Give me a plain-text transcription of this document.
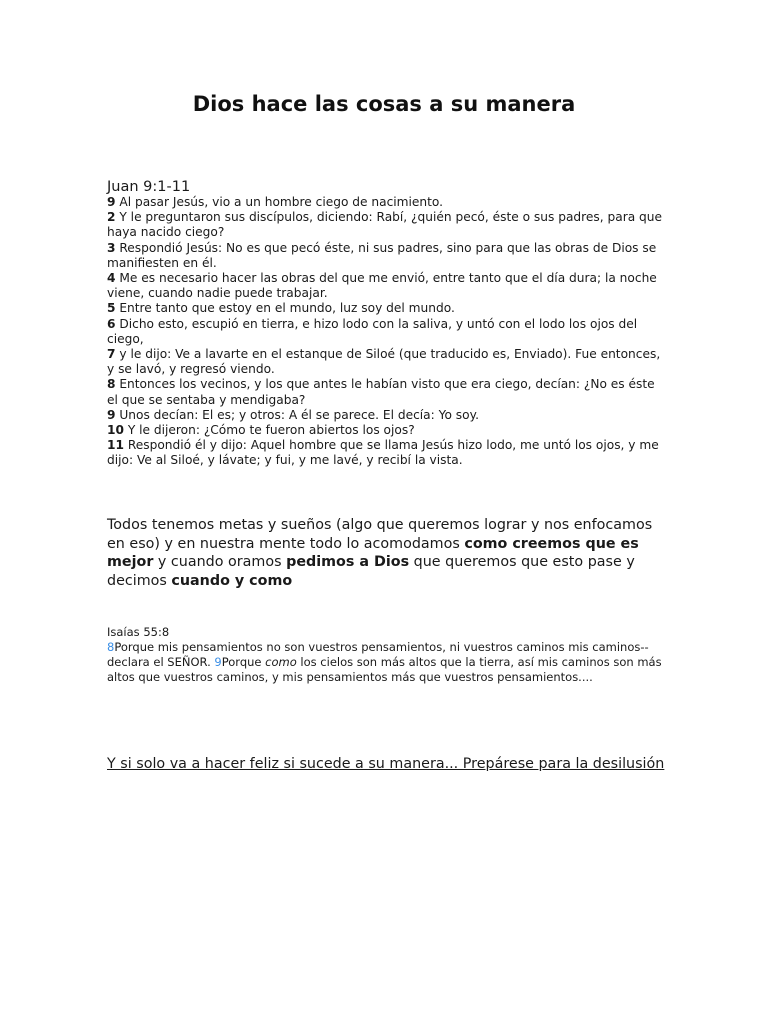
Dios hace las cosas a su manera

Juan 9:1-11

9 Al pasar Jesús, vio a un hombre ciego de nacimiento.

2 Y le preguntaron sus discípulos, diciendo: Rabí, ¿quién pecó, éste o sus padres, para que haya nacido ciego?

3 Respondió Jesús: No es que pecó éste, ni sus padres, sino para que las obras de Dios se manifiesten en él.

4 Me es necesario hacer las obras del que me envió, entre tanto que el día dura; la noche viene, cuando nadie puede trabajar.

5 Entre tanto que estoy en el mundo, luz soy del mundo.

6 Dicho esto, escupió en tierra, e hizo lodo con la saliva, y untó con el lodo los ojos del ciego,

7 y le dijo: Ve a lavarte en el estanque de Siloé (que traducido es, Enviado). Fue entonces, y se lavó, y regresó viendo.

8 Entonces los vecinos, y los que antes le habían visto que era ciego, decían: ¿No es éste el que se sentaba y mendigaba?

9 Unos decían: El es; y otros: A él se parece. El decía: Yo soy.

10 Y le dijeron: ¿Cómo te fueron abiertos los ojos?

11 Respondió él y dijo: Aquel hombre que se llama Jesús hizo lodo, me untó los ojos, y me dijo: Ve al Siloé, y lávate; y fui, y me lavé, y recibí la vista.

Todos tenemos metas y sueños (algo que queremos lograr y nos enfocamos en eso) y en nuestra mente todo lo acomodamos como creemos que es mejor y cuando oramos pedimos a Dios que queremos que esto pase y decimos cuando y como

Isaías 55:8

8Porque mis pensamientos no son vuestros pensamientos, ni vuestros caminos mis caminos--declara el SEÑOR. 9Porque como los cielos son más altos que la tierra, así mis caminos son más altos que vuestros caminos, y mis pensamientos más que vuestros pensamientos....

Y si solo va a hacer feliz si sucede a su manera... Prepárese para la desilusión
